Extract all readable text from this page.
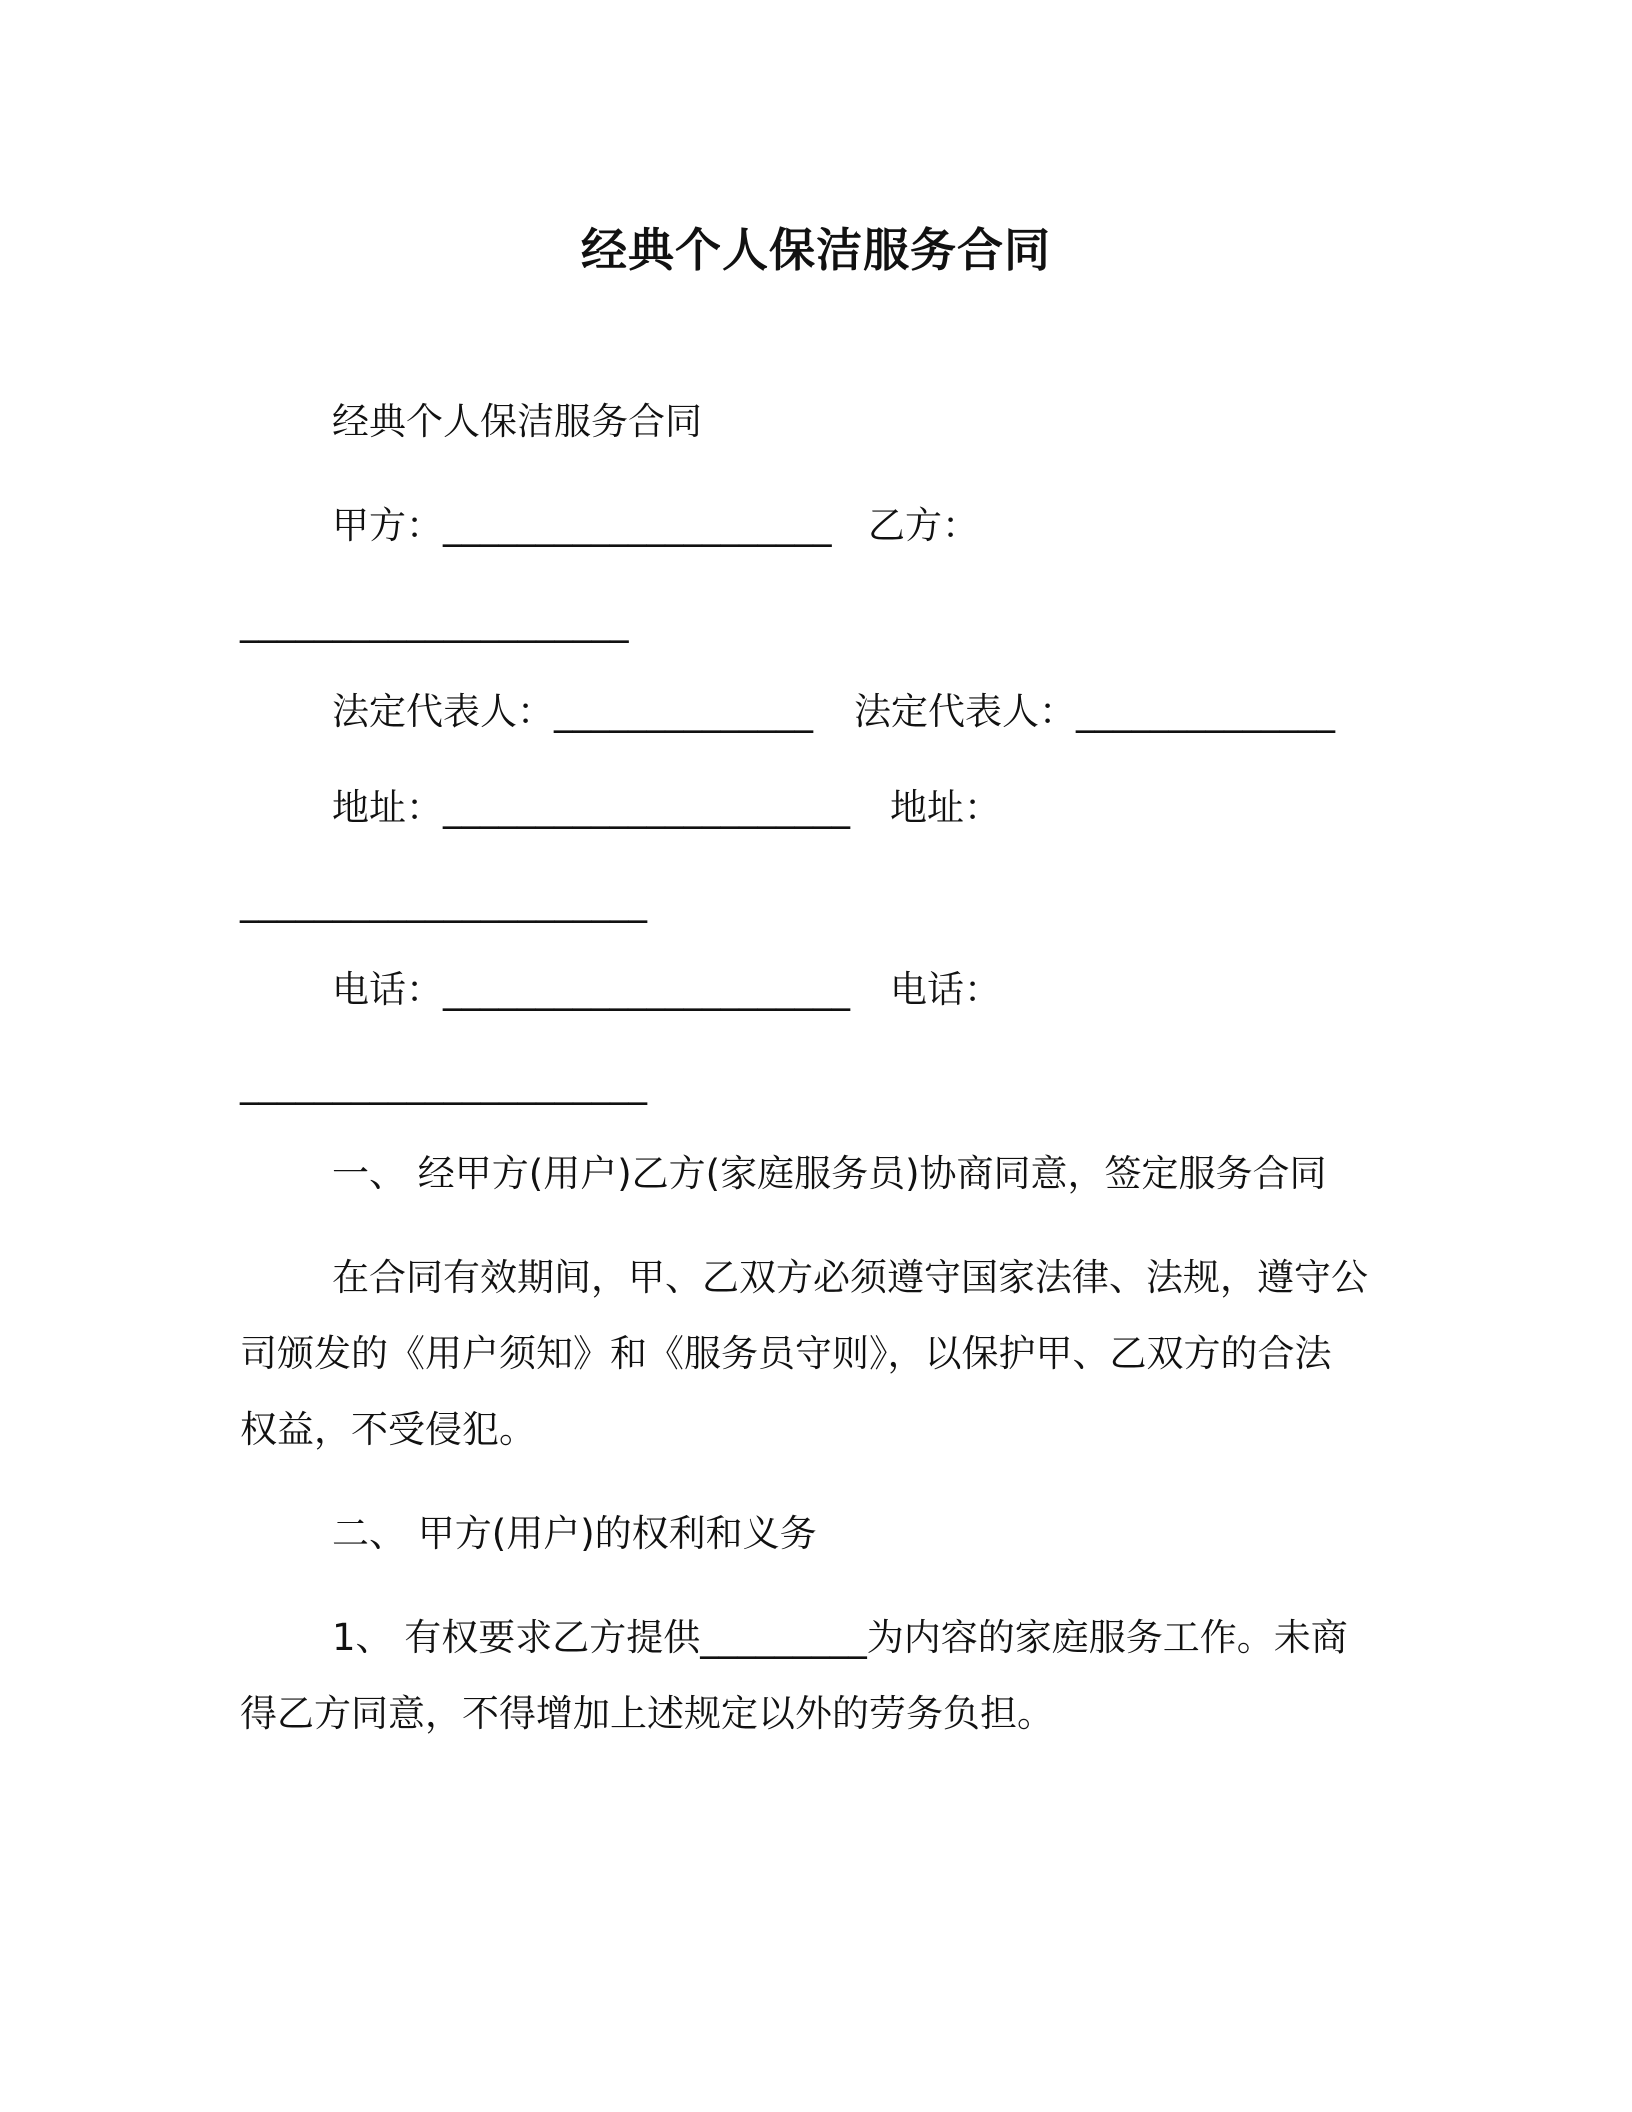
经典个人保洁服务合同

经典个人保洁服务合同

甲方：_____________________

乙方：

_____________________

法定代表人：______________

法定代表人：______________

地址：______________________

地址：

______________________

电话：______________________

电话：

______________________

一、 经甲方(用户)乙方(家庭服务员)协商同意，签定服务合同

在合同有效期间，甲、乙双方必须遵守国家法律、法规，遵守公

司颁发的《用户须知》和《服务员守则》，以保护甲、乙双方的合法

权益，不受侵犯。

二、 甲方(用户)的权利和义务

1、 有权要求乙方提供_________为内容的家庭服务工作。未商

得乙方同意，不得增加上述规定以外的劳务负担。
